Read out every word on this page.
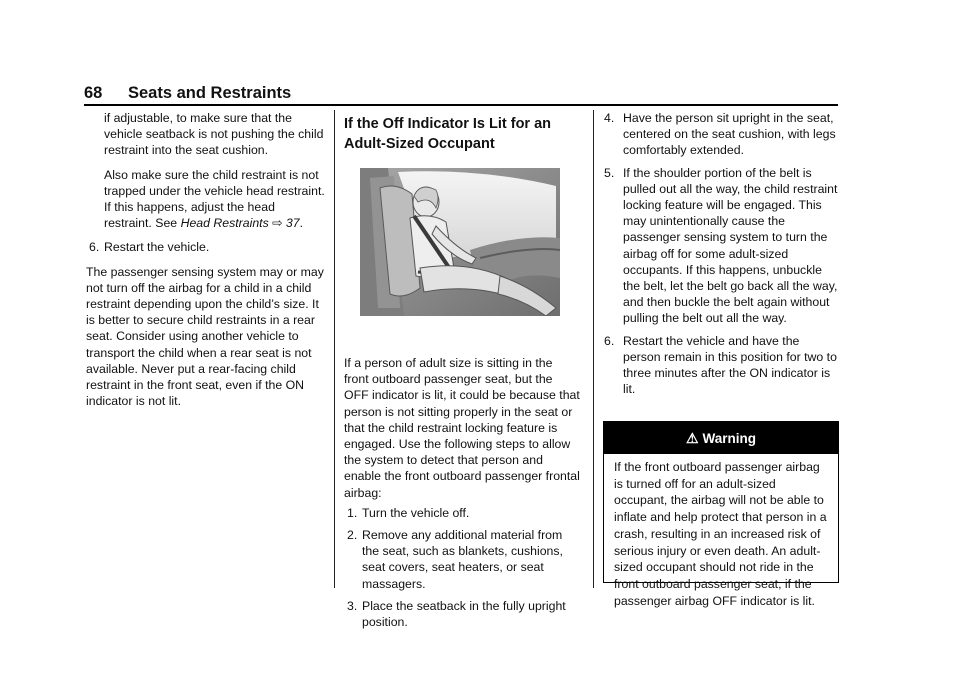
68 Seats and Restraints

if adjustable, to make sure that the vehicle seatback is not pushing the child restraint into the seat cushion.

Also make sure the child restraint is not trapped under the vehicle head restraint. If this happens, adjust the head restraint. See Head Restraints ⇨ 37.

6. Restart the vehicle.

The passenger sensing system may or may not turn off the airbag for a child in a child restraint depending upon the child’s size. It is better to secure child restraints in a rear seat. Consider using another vehicle to transport the child when a rear seat is not available. Never put a rear-facing child restraint in the front seat, even if the ON indicator is not lit.

If the Off Indicator Is Lit for an
Adult-Sized Occupant

If a person of adult size is sitting in the front outboard passenger seat, but the OFF indicator is lit, it could be because that person is not sitting properly in the seat or that the child restraint locking feature is engaged. Use the following steps to allow the system to detect that person and enable the front outboard passenger frontal airbag:

1. Turn the vehicle off.

2. Remove any additional material from the seat, such as blankets, cushions, seat covers, seat heaters, or seat massagers.

3. Place the seatback in the fully upright position.

4. Have the person sit upright in the seat, centered on the seat cushion, with legs comfortably extended.

5. If the shoulder portion of the belt is pulled out all the way, the child restraint locking feature will be engaged. This may unintentionally cause the passenger sensing system to turn the airbag off for some adult-sized occupants. If this happens, unbuckle the belt, let the belt go back all the way, and then buckle the belt again without pulling the belt out all the way.

6. Restart the vehicle and have the person remain in this position for two to three minutes after the ON indicator is lit.

⚠ Warning
If the front outboard passenger airbag is turned off for an adult-sized occupant, the airbag will not be able to inflate and help protect that person in a crash, resulting in an increased risk of serious injury or even death. An adult-sized occupant should not ride in the front outboard passenger seat, if the passenger airbag OFF indicator is lit.
